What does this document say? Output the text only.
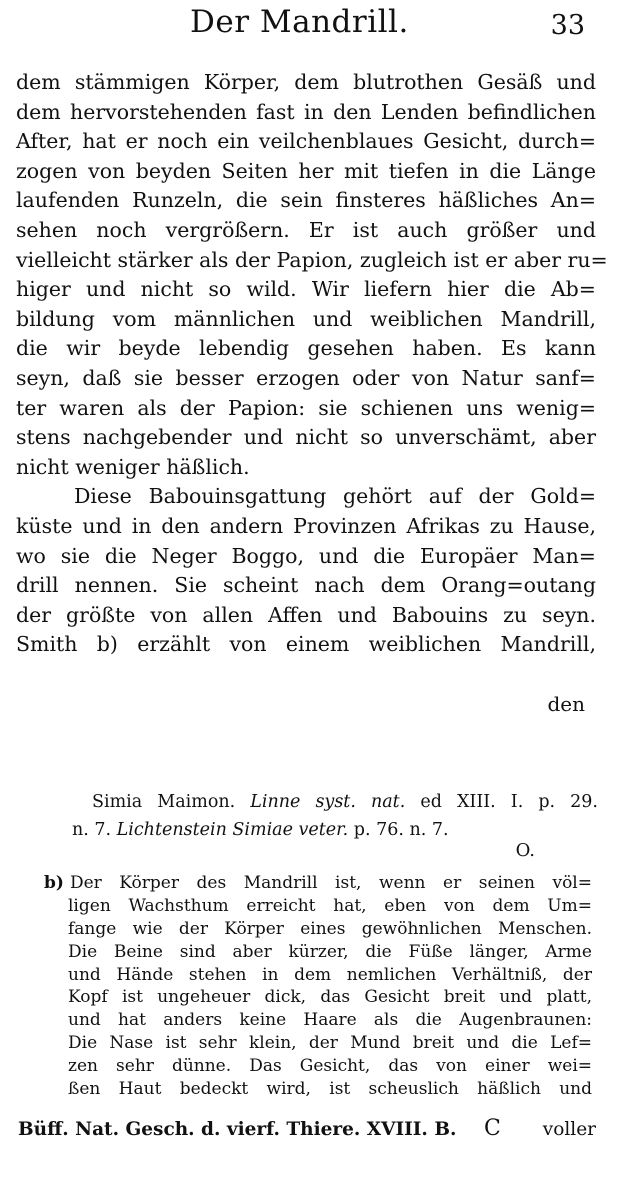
Der Mandrill.	33
dem stämmigen Körper, dem blutrothen Gesäß und
dem hervorstehenden fast in den Lenden befindlichen
After, hat er noch ein veilchenblaues Gesicht, durch=
zogen von beyden Seiten her mit tiefen in die Länge
laufenden Runzeln, die sein finsteres häßliches An=
sehen noch vergrößern. Er ist auch größer und
vielleicht stärker als der Papion, zugleich ist er aber ru=
higer und nicht so wild. Wir liefern hier die Ab=
bildung vom männlichen und weiblichen Mandrill,
die wir beyde lebendig gesehen haben. Es kann
seyn, daß sie besser erzogen oder von Natur sanf=
ter waren als der Papion: sie schienen uns wenig=
stens nachgebender und nicht so unverschämt, aber
nicht weniger häßlich.
Diese Babouinsgattung gehört auf der Gold=
küste und in den andern Provinzen Afrikas zu Hause,
wo sie die Neger Boggo, und die Europäer Man=
drill nennen. Sie scheint nach dem Orang=outang
der größte von allen Affen und Babouins zu seyn.
Smith b) erzählt von einem weiblichen Mandrill,
den
Simia Maimon. Linne syst. nat. ed XIII. I. p. 29.
n. 7. Lichtenstein Simiae veter. p. 76. n. 7.
O.
b) Der Körper des Mandrill ist, wenn er seinen völ=
ligen Wachsthum erreicht hat, eben von dem Um=
fange wie der Körper eines gewöhnlichen Menschen.
Die Beine sind aber kürzer, die Füße länger, Arme
und Hände stehen in dem nemlichen Verhältniß, der
Kopf ist ungeheuer dick, das Gesicht breit und platt,
und hat anders keine Haare als die Augenbraunen:
Die Nase ist sehr klein, der Mund breit und die Lef=
zen sehr dünne. Das Gesicht, das von einer wei=
ßen Haut bedeckt wird, ist scheuslich häßlich und
Büff. Nat. Gesch. d. vierf. Thiere. XVIII. B. C voller
